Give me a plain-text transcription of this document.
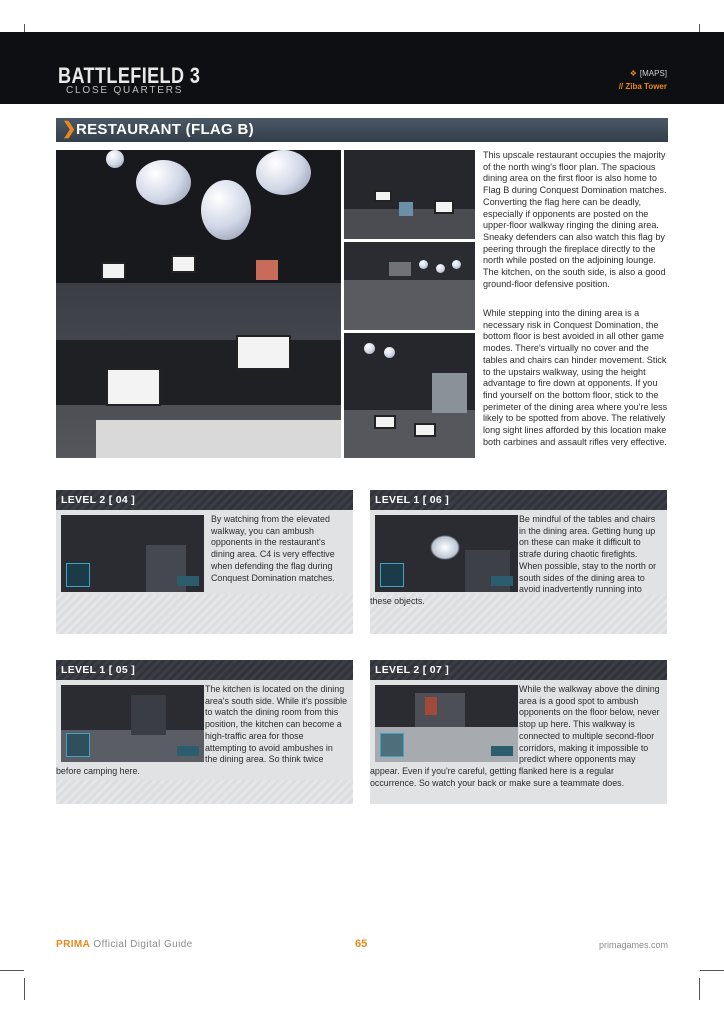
BATTLEFIELD 3
CLOSE QUARTERS
❖ [MAPS]
// Ziba Tower
❯ RESTAURANT (FLAG B)
This upscale restaurant occupies the majority of the north wing's floor plan. The spacious dining area on the first floor is also home to Flag B during Conquest Domination matches. Converting the flag here can be deadly, especially if opponents are posted on the upper-floor walkway ringing the dining area. Sneaky defenders can also watch this flag by peering through the fireplace directly to the north while posted on the adjoining lounge. The kitchen, on the south side, is also a good ground-floor defensive position.
While stepping into the dining area is a necessary risk in Conquest Domination, the bottom floor is best avoided in all other game modes. There's virtually no cover and the tables and chairs can hinder movement. Stick to the upstairs walkway, using the height advantage to fire down at opponents. If you find yourself on the bottom floor, stick to the perimeter of the dining area where you're less likely to be spotted from above. The relatively long sight lines afforded by this location make both carbines and assault rifles very effective.
LEVEL 2 [ 04 ]
By watching from the elevated walkway, you can ambush opponents in the restaurant's dining area. C4 is very effective when defending the flag during Conquest Domination matches.
LEVEL 1 [ 06 ]
Be mindful of the tables and chairs in the dining area. Getting hung up on these can make it difficult to strafe during chaotic firefights. When possible, stay to the north or south sides of the dining area to avoid inadvertently running into these objects.
LEVEL 1 [ 05 ]
The kitchen is located on the dining area's south side. While it's possible to watch the dining room from this position, the kitchen can become a high-traffic area for those attempting to avoid ambushes in the dining area. So think twice before camping here.
LEVEL 2 [ 07 ]
While the walkway above the dining area is a good spot to ambush opponents on the floor below, never stop up here. This walkway is connected to multiple second-floor corridors, making it impossible to predict where opponents may appear. Even if you're careful, getting flanked here is a regular occurrence. So watch your back or make sure a teammate does.
PRIMA Official Digital Guide	65	primagames.com
